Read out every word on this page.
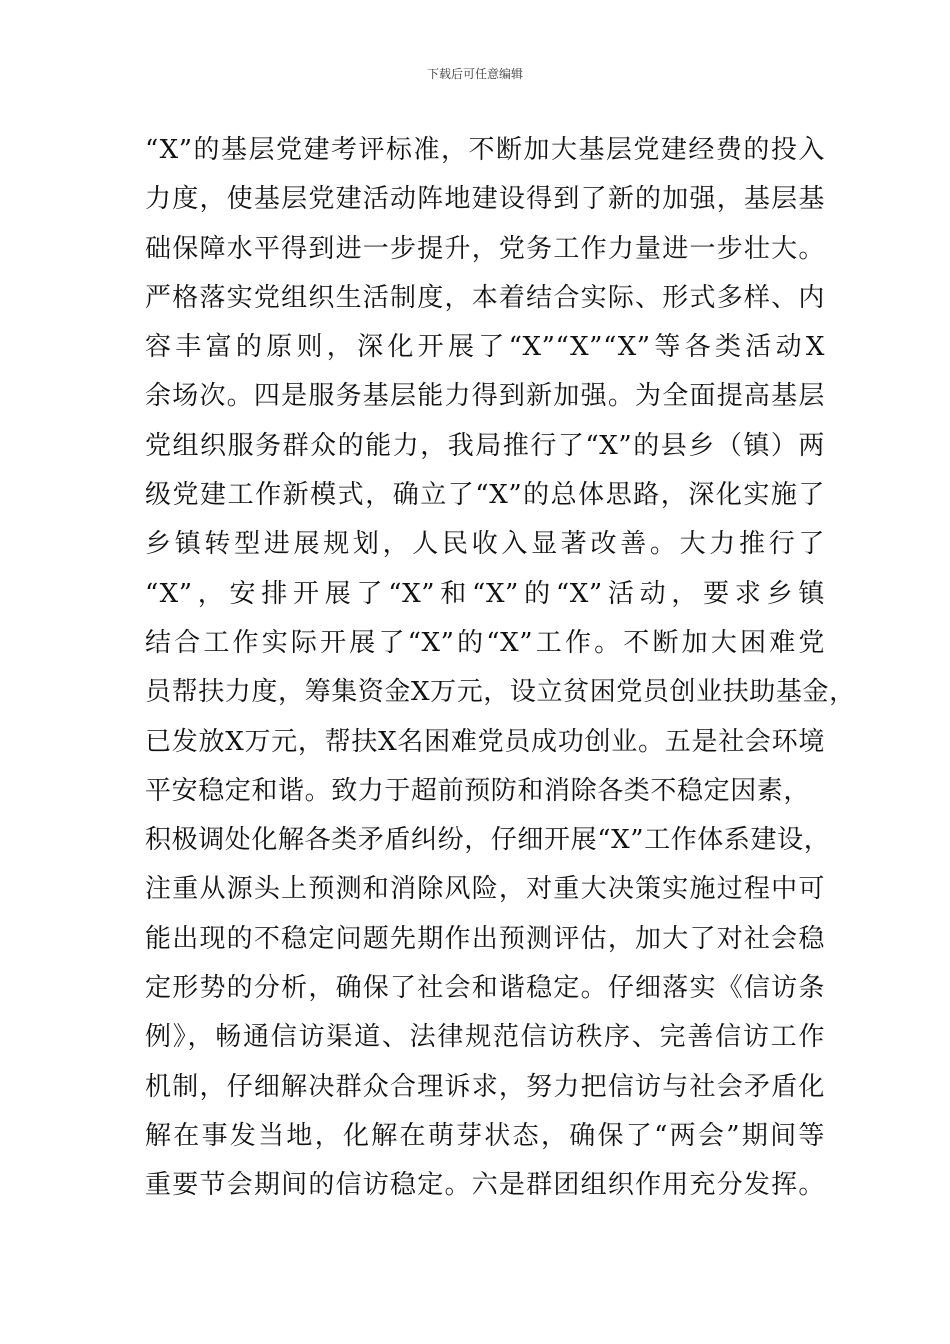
下载后可任意编辑
“X”的基层党建考评标准，不断加大基层党建经费的投入
力度，使基层党建活动阵地建设得到了新的加强，基层基
础保障水平得到进一步提升，党务工作力量进一步壮大。
严格落实党组织生活制度，本着结合实际、形式多样、内
容丰富的原则，深化开展了“X”“X”“X”等各类活动X
余场次。四是服务基层能力得到新加强。为全面提高基层
党组织服务群众的能力，我局推行了“X”的县乡（镇）两
级党建工作新模式，确立了“X”的总体思路，深化实施了
乡镇转型进展规划，人民收入显著改善。大力推行了
“X”，安排开展了“X”和“X”的“X”活动，要求乡镇
结合工作实际开展了“X”的“X”工作。不断加大困难党
员帮扶力度，筹集资金X万元，设立贫困党员创业扶助基金，
已发放X万元，帮扶X名困难党员成功创业。五是社会环境
平安稳定和谐。致力于超前预防和消除各类不稳定因素，
积极调处化解各类矛盾纠纷，仔细开展“X”工作体系建设，
注重从源头上预测和消除风险，对重大决策实施过程中可
能出现的不稳定问题先期作出预测评估，加大了对社会稳
定形势的分析，确保了社会和谐稳定。仔细落实《信访条
例》，畅通信访渠道、法律规范信访秩序、完善信访工作
机制，仔细解决群众合理诉求，努力把信访与社会矛盾化
解在事发当地，化解在萌芽状态，确保了“两会”期间等
重要节会期间的信访稳定。六是群团组织作用充分发挥。
